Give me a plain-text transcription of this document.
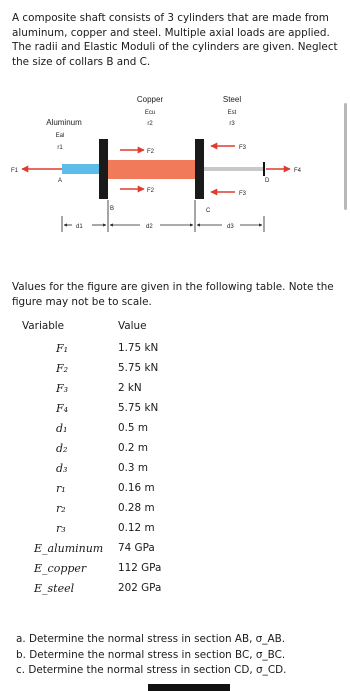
A composite shaft consists of 3 cylinders that are made from aluminum, copper and steel. Multiple axial loads are applied. The radii and Elastic Moduli of the cylinders are given. Neglect the size of collars B and C.

Copper
Ecu
r2
Steel
Est
r3
Aluminum
Eal
r1
F1
F2
F2
F3
F3
F4
A
B	C
D
d1	d2	d3

Values for the figure are given in the following table. Note the figure may not be to scale.

Variable	Value
F₁	1.75 kN
F₂	5.75 kN
F₃	2 kN
F₄	5.75 kN
d₁	0.5 m
d₂	0.2 m
d₃	0.3 m
r₁	0.16 m
r₂	0.28 m
r₃	0.12 m
E_aluminum 74 GPa
E_copper	112 GPa
E_steel	202 GPa
a. Determine the normal stress in section AB, σ_AB.
b. Determine the normal stress in section BC, σ_BC.
c. Determine the normal stress in section CD, σ_CD.
